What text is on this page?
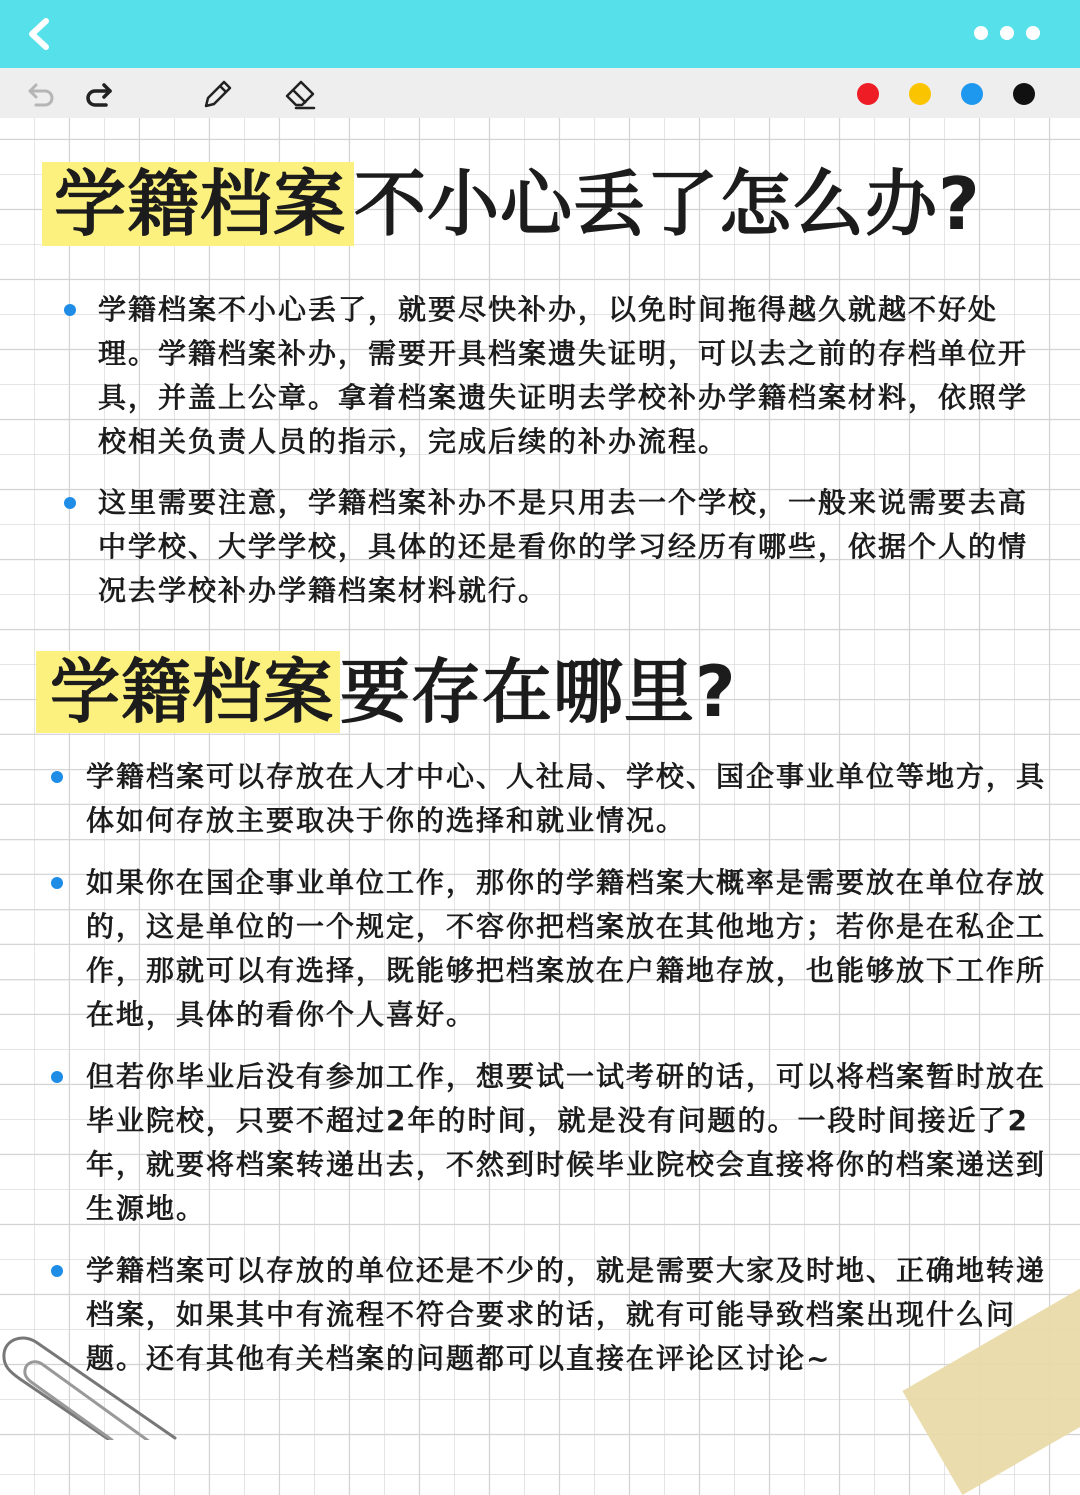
学籍档案 不小心丢了怎么办?
学籍档案不小心丢了，就要尽快补办，以免时间拖得越久就越不好处理。学籍档案补办，需要开具档案遗失证明，可以去之前的存档单位开具，并盖上公章。拿着档案遗失证明去学校补办学籍档案材料，依照学校相关负责人员的指示，完成后续的补办流程。
这里需要注意，学籍档案补办不是只用去一个学校，一般来说需要去高中学校、大学学校，具体的还是看你的学习经历有哪些，依据个人的情况去学校补办学籍档案材料就行。
学籍档案要存在哪里?
学籍档案可以存放在人才中心、人社局、学校、国企事业单位等地方，具体如何存放主要取决于你的选择和就业情况。
如果你在国企事业单位工作，那你的学籍档案大概率是需要放在单位存放的，这是单位的一个规定，不容你把档案放在其他地方；若你是在私企工作，那就可以有选择，既能够把档案放在户籍地存放，也能够放下工作所在地，具体的看你个人喜好。
但若你毕业后没有参加工作，想要试一试考研的话，可以将档案暂时放在毕业院校，只要不超过2年的时间，就是没有问题的。一段时间接近了2年，就要将档案转递出去，不然到时候毕业院校会直接将你的档案递送到生源地。
学籍档案可以存放的单位还是不少的，就是需要大家及时地、正确地转递档案，如果其中有流程不符合要求的话，就有可能导致档案出现什么问题。还有其他有关档案的问题都可以直接在评论区讨论~
